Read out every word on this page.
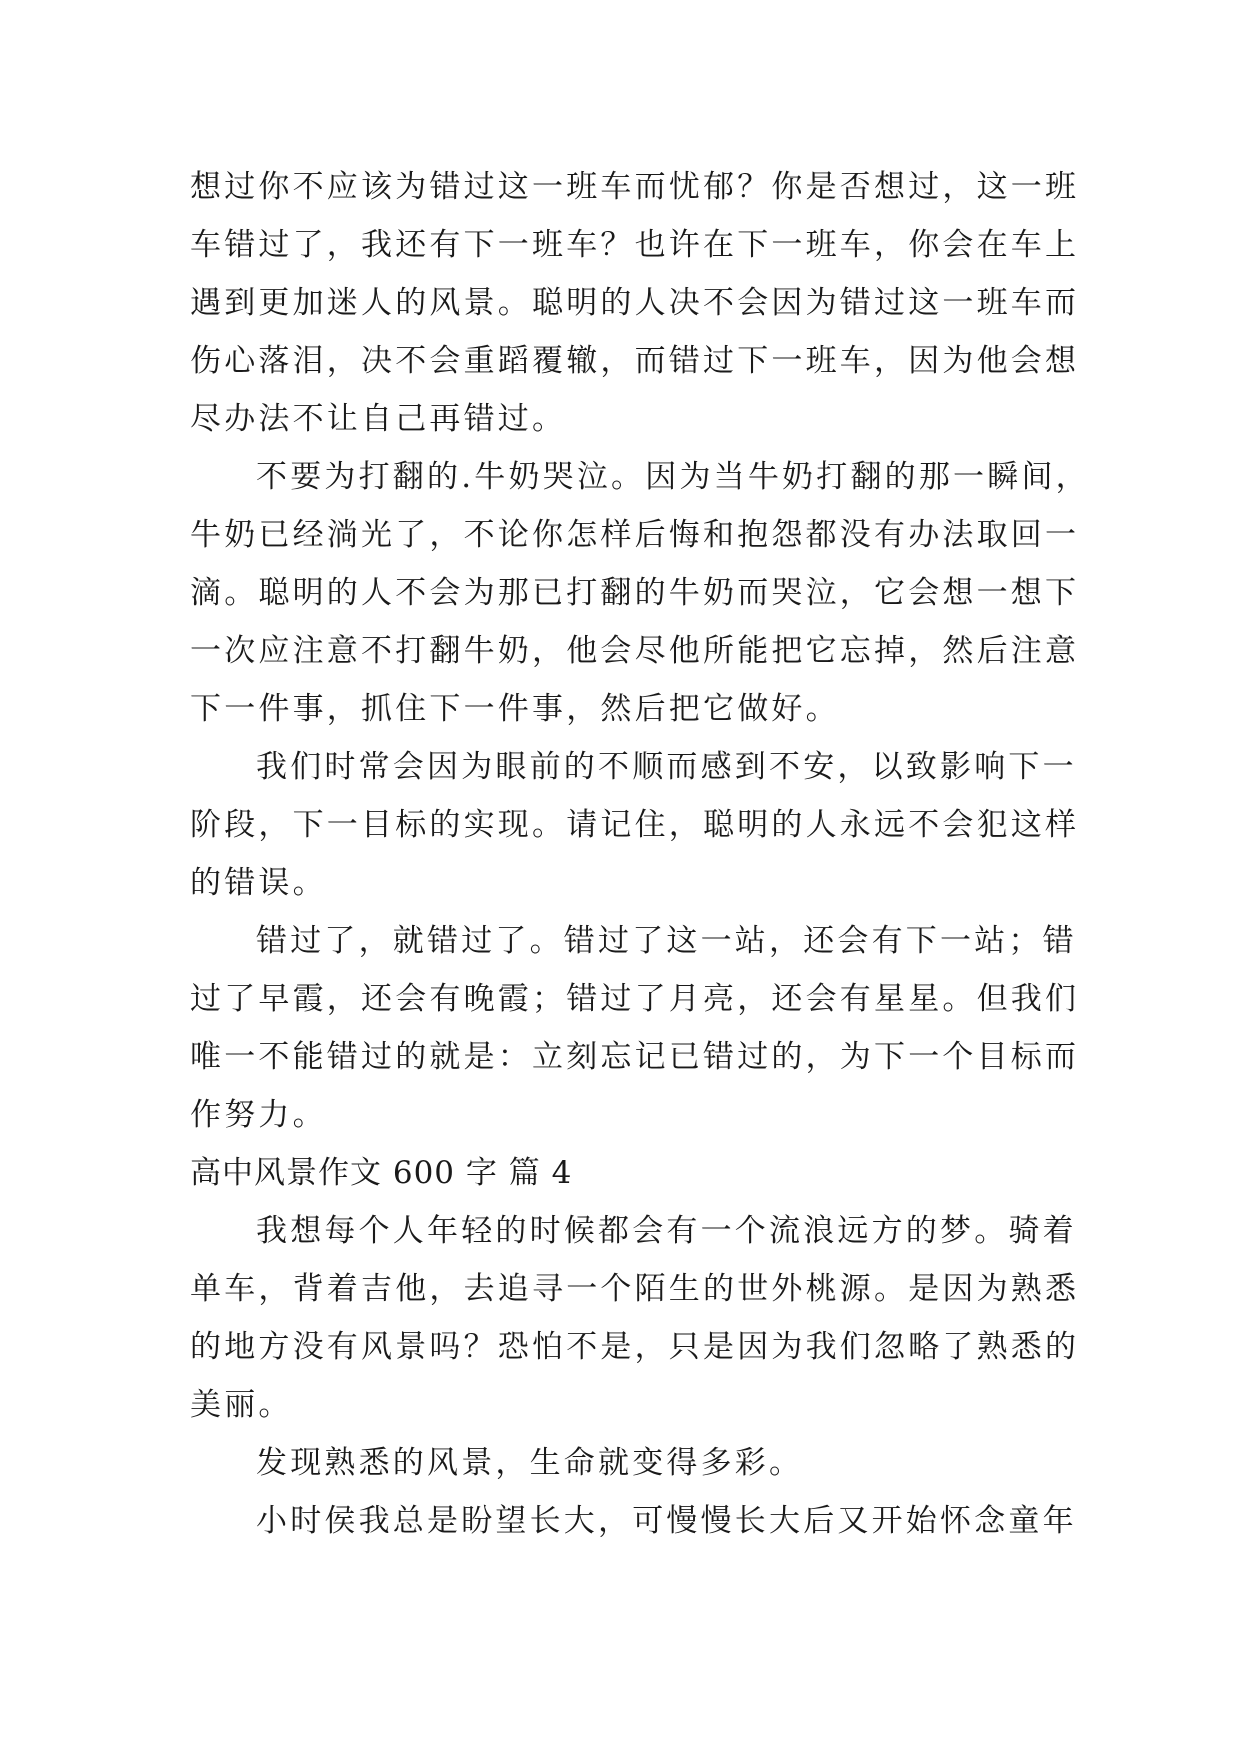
想过你不应该为错过这一班车而忧郁？你是否想过，这一班
车错过了，我还有下一班车？也许在下一班车，你会在车上
遇到更加迷人的风景。聪明的人决不会因为错过这一班车而
伤心落泪，决不会重蹈覆辙，而错过下一班车，因为他会想
尽办法不让自己再错过。
不要为打翻的.牛奶哭泣。因为当牛奶打翻的那一瞬间，
牛奶已经淌光了，不论你怎样后悔和抱怨都没有办法取回一
滴。聪明的人不会为那已打翻的牛奶而哭泣，它会想一想下
一次应注意不打翻牛奶，他会尽他所能把它忘掉，然后注意
下一件事，抓住下一件事，然后把它做好。
我们时常会因为眼前的不顺而感到不安，以致影响下一
阶段，下一目标的实现。请记住，聪明的人永远不会犯这样
的错误。
错过了，就错过了。错过了这一站，还会有下一站；错
过了早霞，还会有晚霞；错过了月亮，还会有星星。但我们
唯一不能错过的就是：立刻忘记已错过的，为下一个目标而
作努力。
高中风景作文 600 字 篇 4
我想每个人年轻的时候都会有一个流浪远方的梦。骑着
单车，背着吉他，去追寻一个陌生的世外桃源。是因为熟悉
的地方没有风景吗？恐怕不是，只是因为我们忽略了熟悉的
美丽。
发现熟悉的风景，生命就变得多彩。
小时侯我总是盼望长大，可慢慢长大后又开始怀念童年
